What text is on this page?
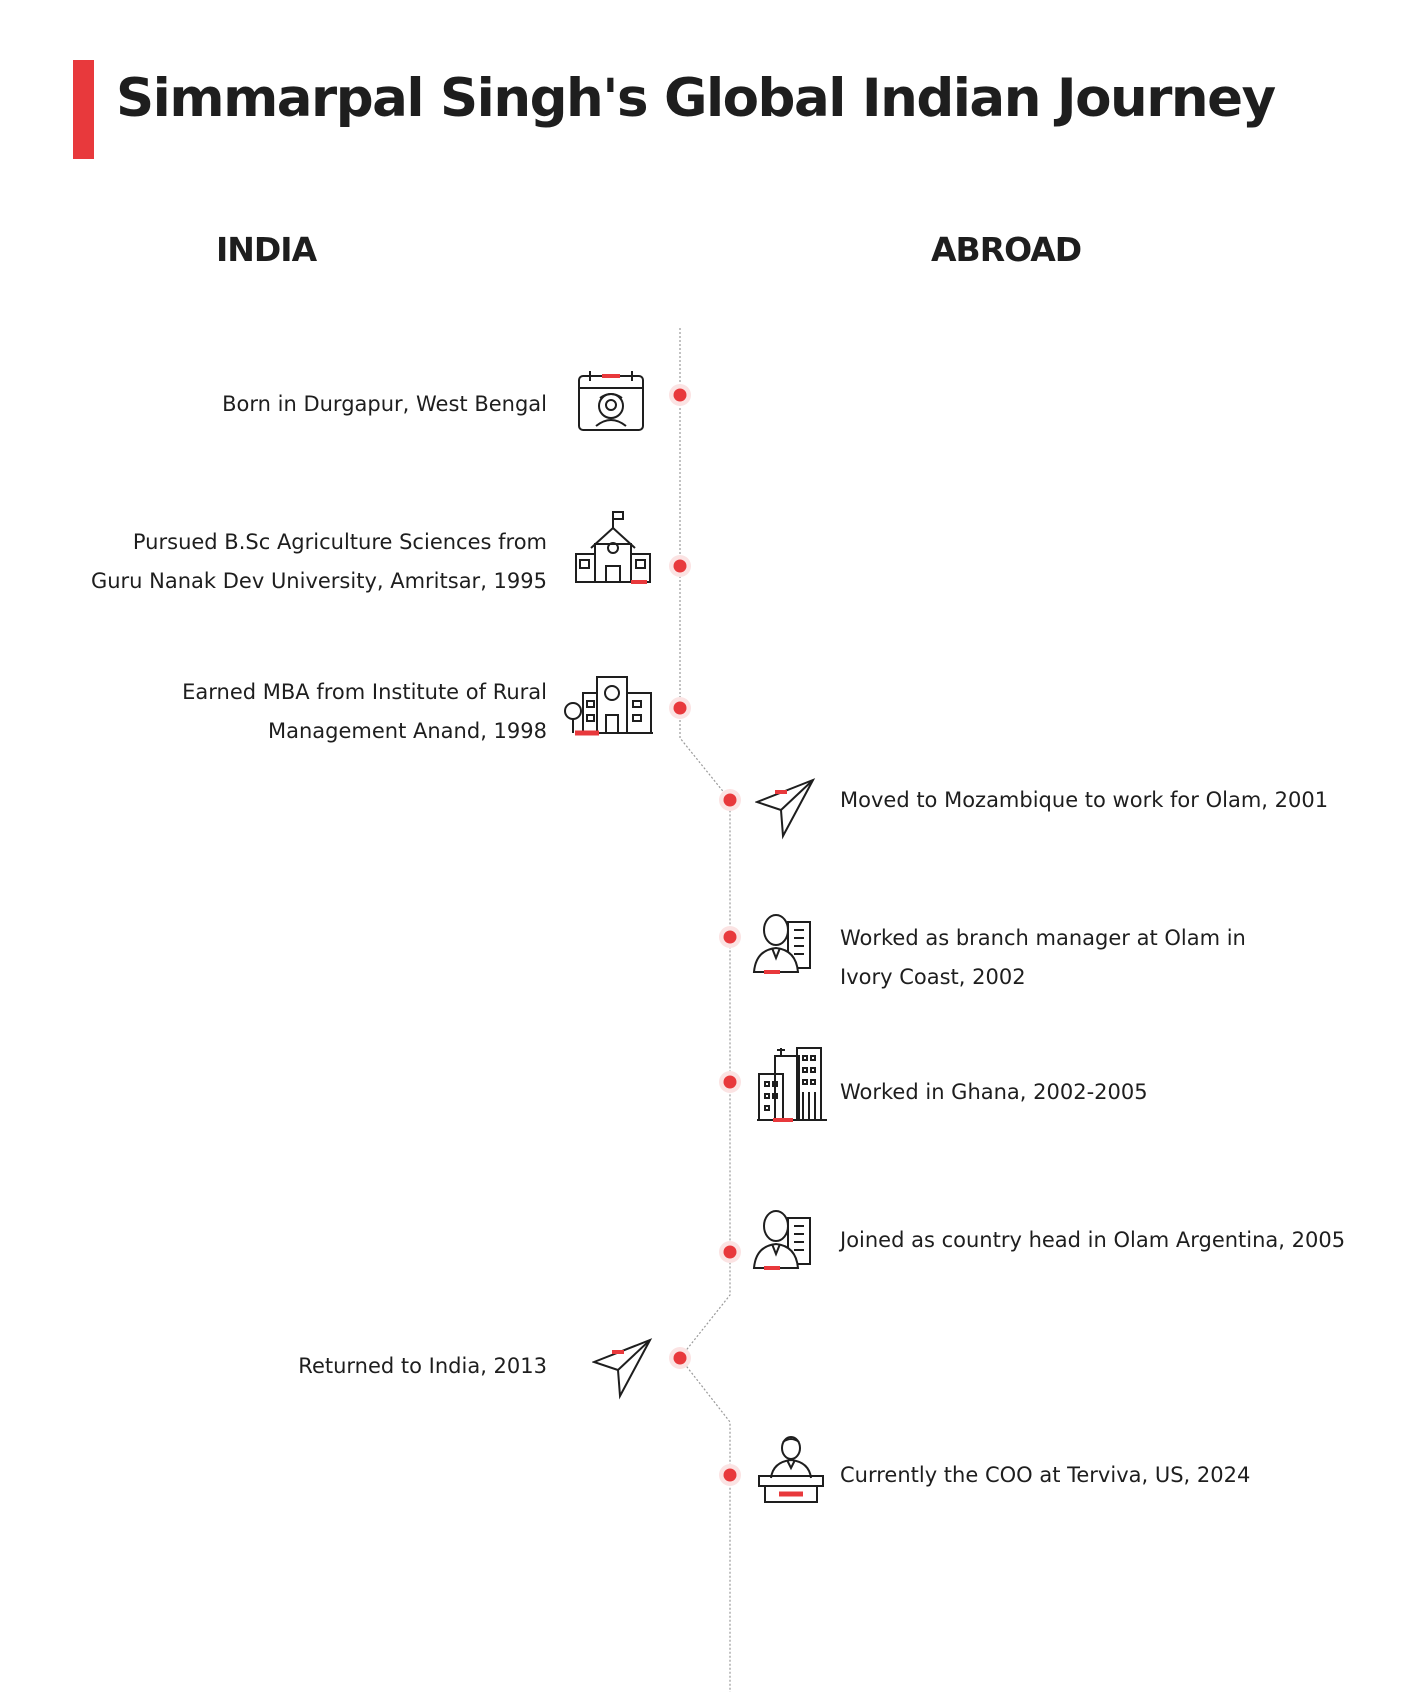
Simmarpal Singh's Global Indian Journey
INDIA	ABROAD
Born in Durgapur, West Bengal
Pursued B.Sc Agriculture Sciences from
Guru Nanak Dev University, Amritsar, 1995
Earned MBA from Institute of Rural
Management Anand, 1998
Moved to Mozambique to work for Olam, 2001
Worked as branch manager at Olam in
Ivory Coast, 2002
Worked in Ghana, 2002-2005
Joined as country head in Olam Argentina, 2005
Returned to India, 2013
Currently the COO at Terviva, US, 2024
